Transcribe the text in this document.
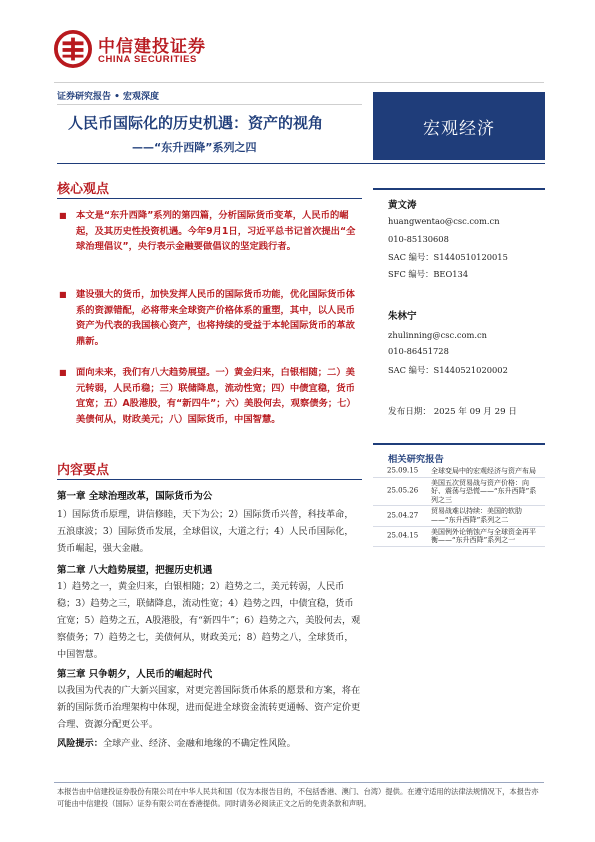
中信建投证券
CHINA SECURITIES
证券研究报告 • 宏观深度
人民币国际化的历史机遇：资产的视角
——“东升西降”系列之四
宏观经济
核心观点
■	本文是“东升西降”系列的第四篇，分析国际货币变革，人民币的崛起，及其历史性投资机遇。今年9月1日，习近平总书记首次提出“全球治理倡议”，央行表示金融要做倡议的坚定践行者。
■	建设强大的货币，加快发挥人民币的国际货币功能，优化国际货币体系的资源错配，必将带来全球资产价格体系的重塑，其中，以人民币资产为代表的我国核心资产，也将持续的受益于本轮国际货币的革故鼎新。
■	面向未来，我们有八大趋势展望。一）黄金归来，白银相随；二）美元转弱，人民币稳；三）联储降息，流动性宽；四）中债宜稳，货币宜宽；五）A股港股，有“新四牛”；六）美股何去，观察债务；七）美债何从，财政美元；八）国际货币，中国智慧。
内容要点
第一章 全球治理改革，国际货币为公
1）国际货币原理，讲信修睦，天下为公；2）国际货币兴普，科技革命，五浪康波；3）国际货币发展，全球倡议，大道之行；4）人民币国际化，货币崛起，强大金融。
第二章 八大趋势展望，把握历史机遇
1）趋势之一，黄金归来，白银相随；2）趋势之二，美元转弱，人民币稳；3）趋势之三，联储降息，流动性宽；4）趋势之四，中债宜稳，货币宜宽；5）趋势之五，A股港股，有“新四牛”；6）趋势之六，美股何去，观察债务；7）趋势之七，美债何从，财政美元；8）趋势之八，全球货币，中国智慧。
第三章 只争朝夕，人民币的崛起时代
以我国为代表的广大新兴国家，对更完善国际货币体系的愿景和方案，将在新的国际货币治理架构中体现，进而促进全球资金流转更通畅、资产定价更合理、资源分配更公平。
风险提示：全球产业、经济、金融和地缘的不确定性风险。
黄文涛
huangwentao@csc.com.cn
010-85130608
SAC 编号：S1440510120015
SFC 编号：BEO134
朱林宁
zhulinning@csc.com.cn
010-86451728
SAC 编号：S1440521020002
发布日期： 2025 年 09 月 29 日
相关研究报告
25.09.15	全球变局中的宏观经济与资产布局
25.05.26
美国五次贸易战与资产价格：向好、震荡与恐慌——“东升西降”系列之三
25.04.27
贸易战难以持续：美国的软肋——“东升西降”系列之二
25.04.15
美国例外论销蚀产与全球资金再平衡——“东升西降”系列之一
本报告由中信建投证券股份有限公司在中华人民共和国（仅为本报告目的，不包括香港、澳门、台湾）提供。在遵守适用的法律法规情况下，本报告亦可能由中信建投（国际）证券有限公司在香港提供。同时请务必阅读正文之后的免责条款和声明。
